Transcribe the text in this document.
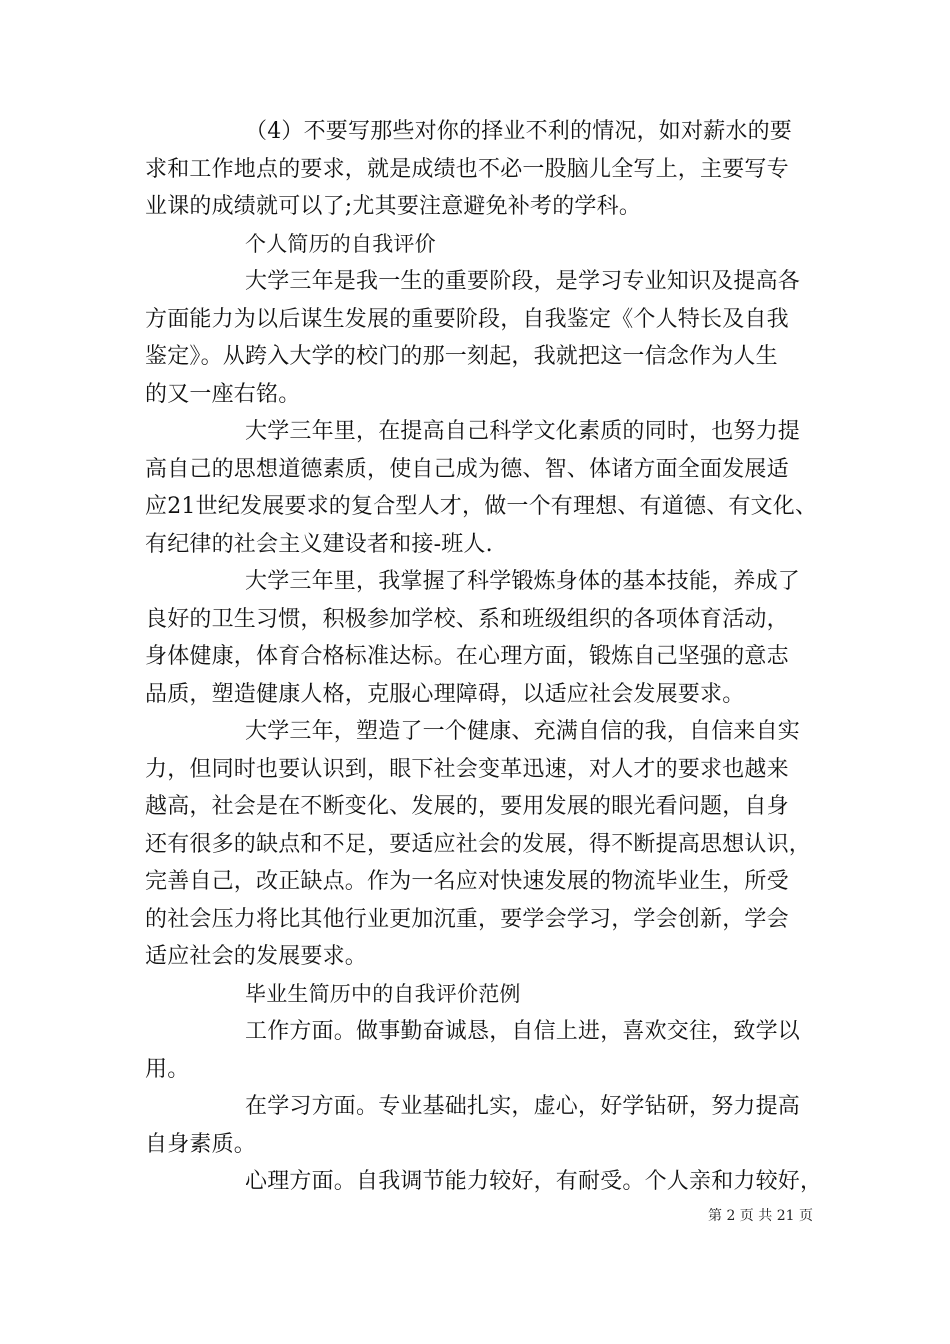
（4）不要写那些对你的择业不利的情况，如对薪水的要
求和工作地点的要求，就是成绩也不必一股脑儿全写上，主要写专
业课的成绩就可以了;尤其要注意避免补考的学科。
个人简历的自我评价
大学三年是我一生的重要阶段，是学习专业知识及提高各
方面能力为以后谋生发展的重要阶段，自我鉴定《个人特长及自我
鉴定》。从跨入大学的校门的那一刻起，我就把这一信念作为人生
的又一座右铭。
大学三年里，在提高自己科学文化素质的同时，也努力提
高自己的思想道德素质，使自己成为德、智、体诸方面全面发展适
应21世纪发展要求的复合型人才，做一个有理想、有道德、有文化、
有纪律的社会主义建设者和接-班人.
大学三年里，我掌握了科学锻炼身体的基本技能，养成了
良好的卫生习惯，积极参加学校、系和班级组织的各项体育活动，
身体健康，体育合格标准达标。在心理方面，锻炼自己坚强的意志
品质，塑造健康人格，克服心理障碍，以适应社会发展要求。
大学三年，塑造了一个健康、充满自信的我，自信来自实
力，但同时也要认识到，眼下社会变革迅速，对人才的要求也越来
越高，社会是在不断变化、发展的，要用发展的眼光看问题，自身
还有很多的缺点和不足，要适应社会的发展，得不断提高思想认识，
完善自己，改正缺点。作为一名应对快速发展的物流毕业生，所受
的社会压力将比其他行业更加沉重，要学会学习，学会创新，学会
适应社会的发展要求。
毕业生简历中的自我评价范例
工作方面。做事勤奋诚恳，自信上进，喜欢交往，致学以
用。
在学习方面。专业基础扎实，虚心，好学钻研，努力提高
自身素质。
心理方面。自我调节能力较好，有耐受。个人亲和力较好，
第 2 页 共 21 页
